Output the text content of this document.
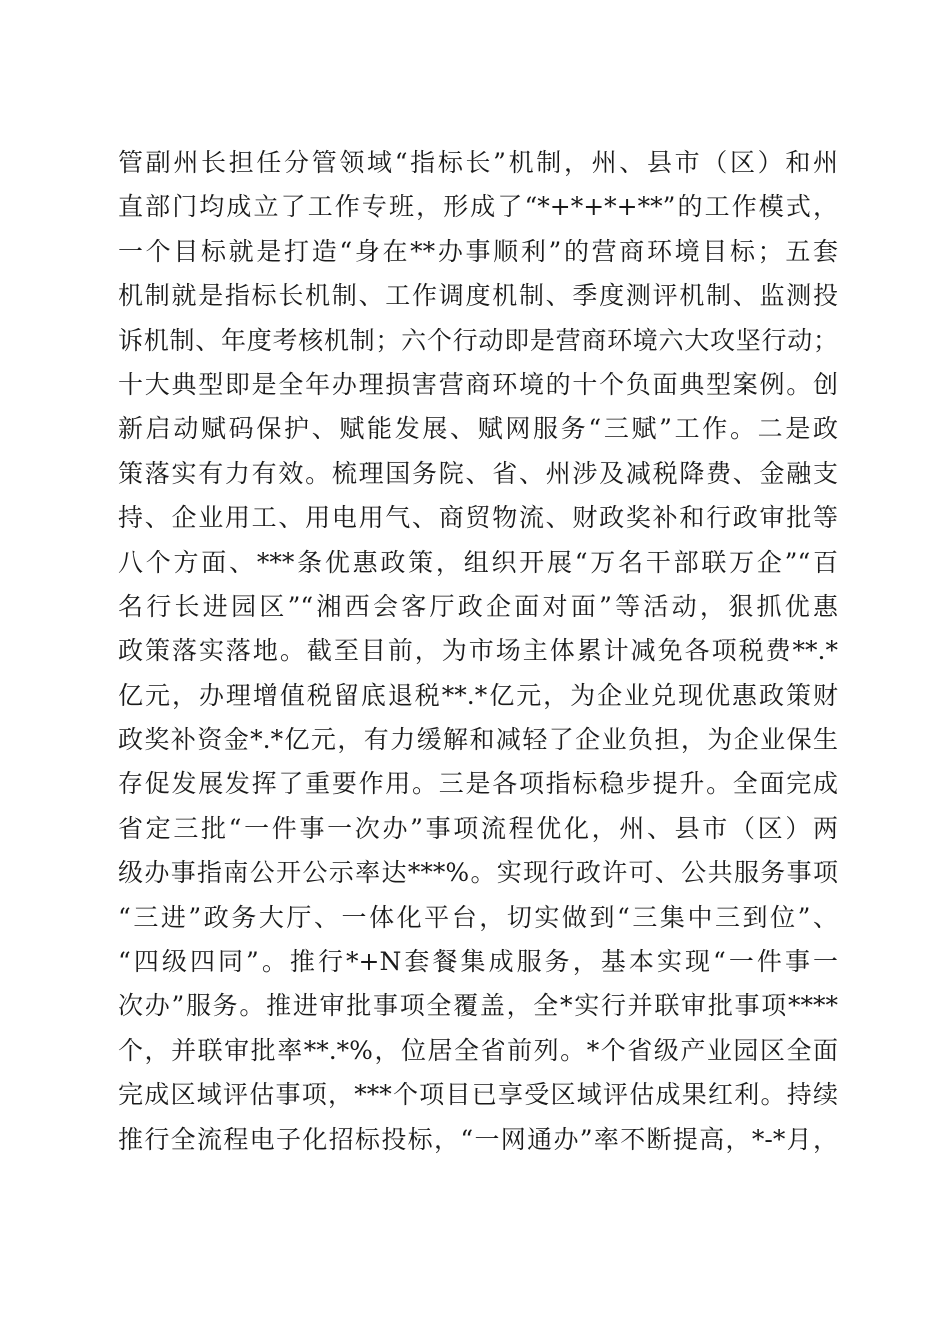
管副州长担任分管领域“指标长”机制，州、县市（区）和州
直部门均成立了工作专班，形成了“*+*+*+**”的工作模式，
一个目标就是打造“身在**办事顺利”的营商环境目标；五套
机制就是指标长机制、工作调度机制、季度测评机制、监测投
诉机制、年度考核机制；六个行动即是营商环境六大攻坚行动；
十大典型即是全年办理损害营商环境的十个负面典型案例。创
新启动赋码保护、赋能发展、赋网服务“三赋”工作。二是政
策落实有力有效。梳理国务院、省、州涉及减税降费、金融支
持、企业用工、用电用气、商贸物流、财政奖补和行政审批等
八个方面、***条优惠政策，组织开展“万名干部联万企”“百
名行长进园区”“湘西会客厅政企面对面”等活动，狠抓优惠
政策落实落地。截至目前，为市场主体累计减免各项税费**.*
亿元，办理增值税留底退税**.*亿元，为企业兑现优惠政策财
政奖补资金*.*亿元，有力缓解和减轻了企业负担，为企业保生
存促发展发挥了重要作用。三是各项指标稳步提升。全面完成
省定三批“一件事一次办”事项流程优化，州、县市（区）两
级办事指南公开公示率达***%。实现行政许可、公共服务事项
“三进”政务大厅、一体化平台，切实做到“三集中三到位”、
“四级四同”。推行*+N套餐集成服务，基本实现“一件事一
次办”服务。推进审批事项全覆盖，全*实行并联审批事项****
个，并联审批率**.*%，位居全省前列。*个省级产业园区全面
完成区域评估事项，***个项目已享受区域评估成果红利。持续
推行全流程电子化招标投标，“一网通办”率不断提高，*-*月，
